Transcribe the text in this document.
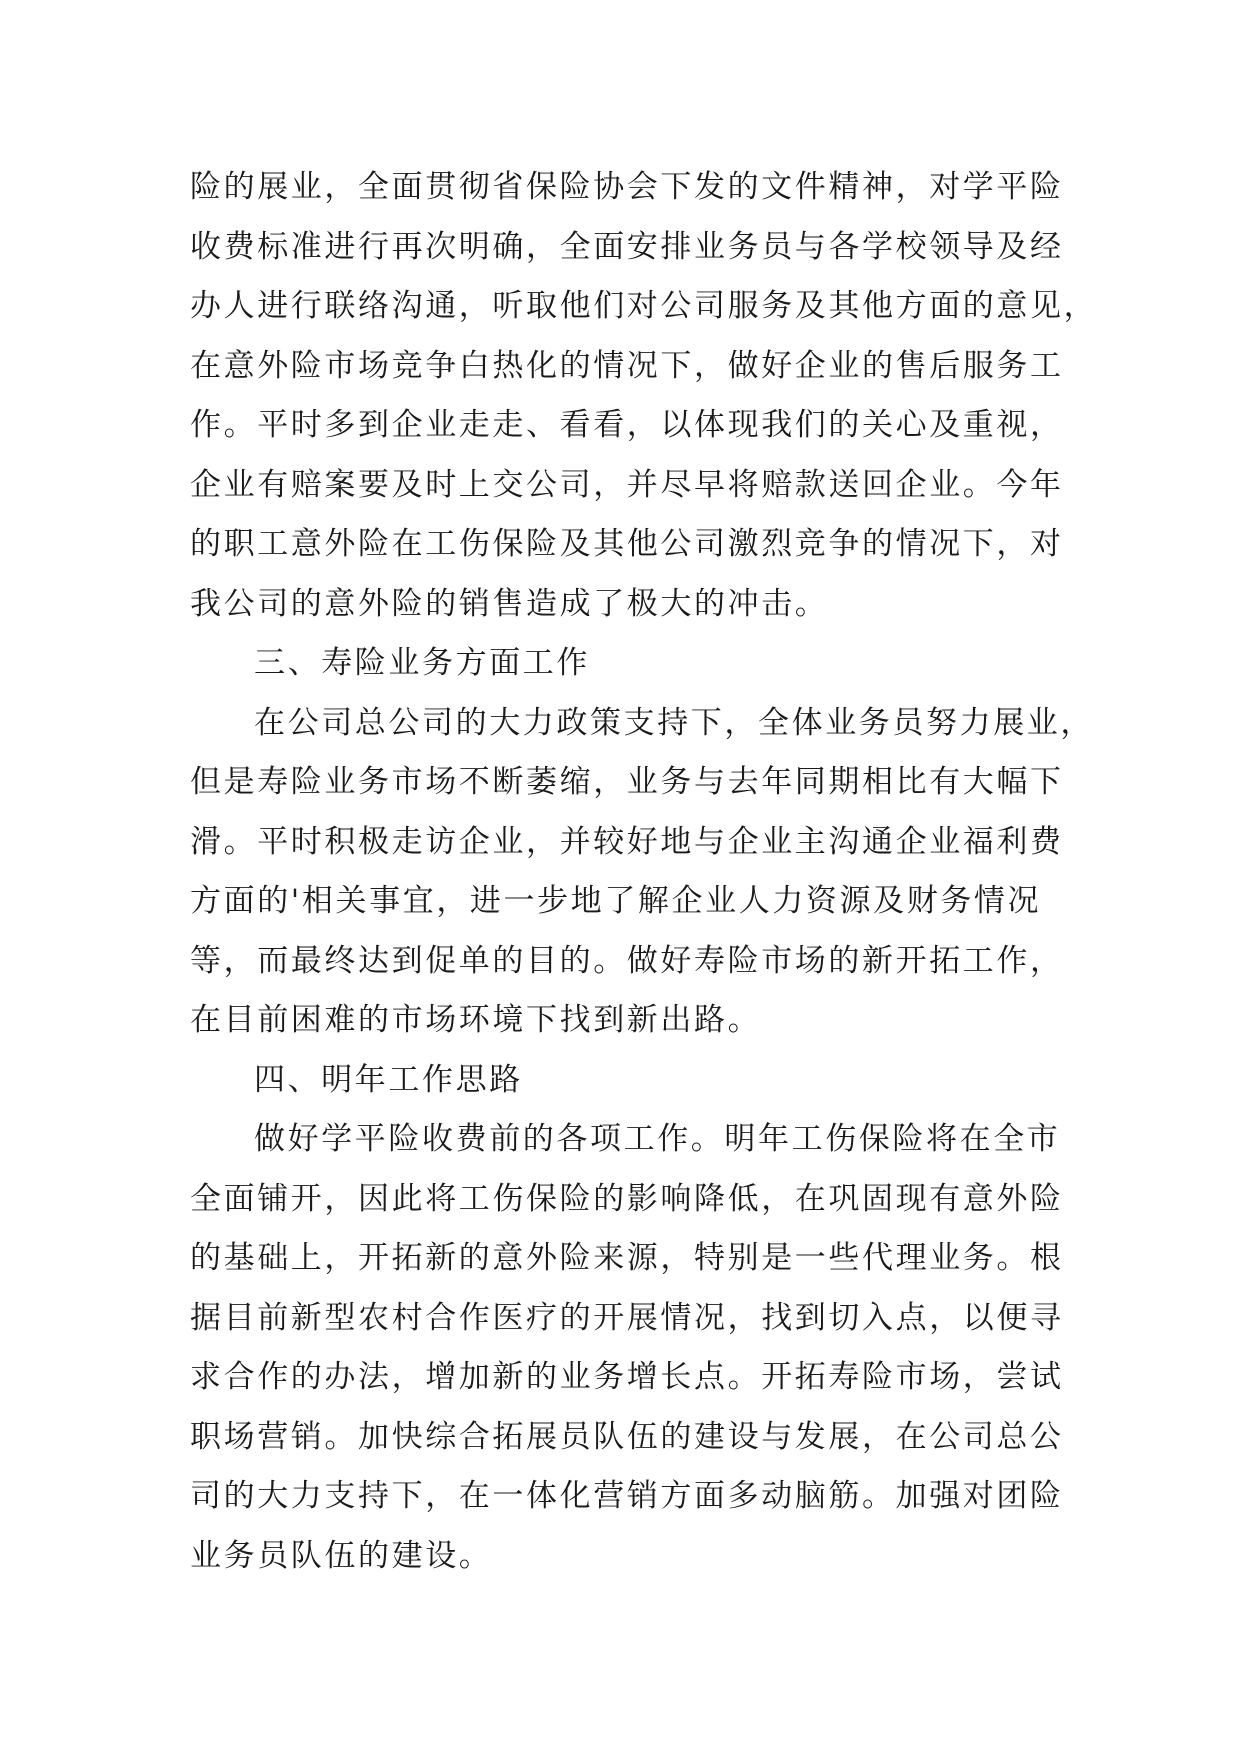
险的展业，全面贯彻省保险协会下发的文件精神，对学平险
收费标准进行再次明确，全面安排业务员与各学校领导及经
办人进行联络沟通，听取他们对公司服务及其他方面的意见，
在意外险市场竞争白热化的情况下，做好企业的售后服务工
作。平时多到企业走走、看看，以体现我们的关心及重视，
企业有赔案要及时上交公司，并尽早将赔款送回企业。今年
的职工意外险在工伤保险及其他公司激烈竞争的情况下，对
我公司的意外险的销售造成了极大的冲击。
三、寿险业务方面工作
在公司总公司的大力政策支持下，全体业务员努力展业，
但是寿险业务市场不断萎缩，业务与去年同期相比有大幅下
滑。平时积极走访企业，并较好地与企业主沟通企业福利费
方面的'相关事宜，进一步地了解企业人力资源及财务情况
等，而最终达到促单的目的。做好寿险市场的新开拓工作，
在目前困难的市场环境下找到新出路。
四、明年工作思路
做好学平险收费前的各项工作。明年工伤保险将在全市
全面铺开，因此将工伤保险的影响降低，在巩固现有意外险
的基础上，开拓新的意外险来源，特别是一些代理业务。根
据目前新型农村合作医疗的开展情况，找到切入点，以便寻
求合作的办法，增加新的业务增长点。开拓寿险市场，尝试
职场营销。加快综合拓展员队伍的建设与发展，在公司总公
司的大力支持下，在一体化营销方面多动脑筋。加强对团险
业务员队伍的建设。
